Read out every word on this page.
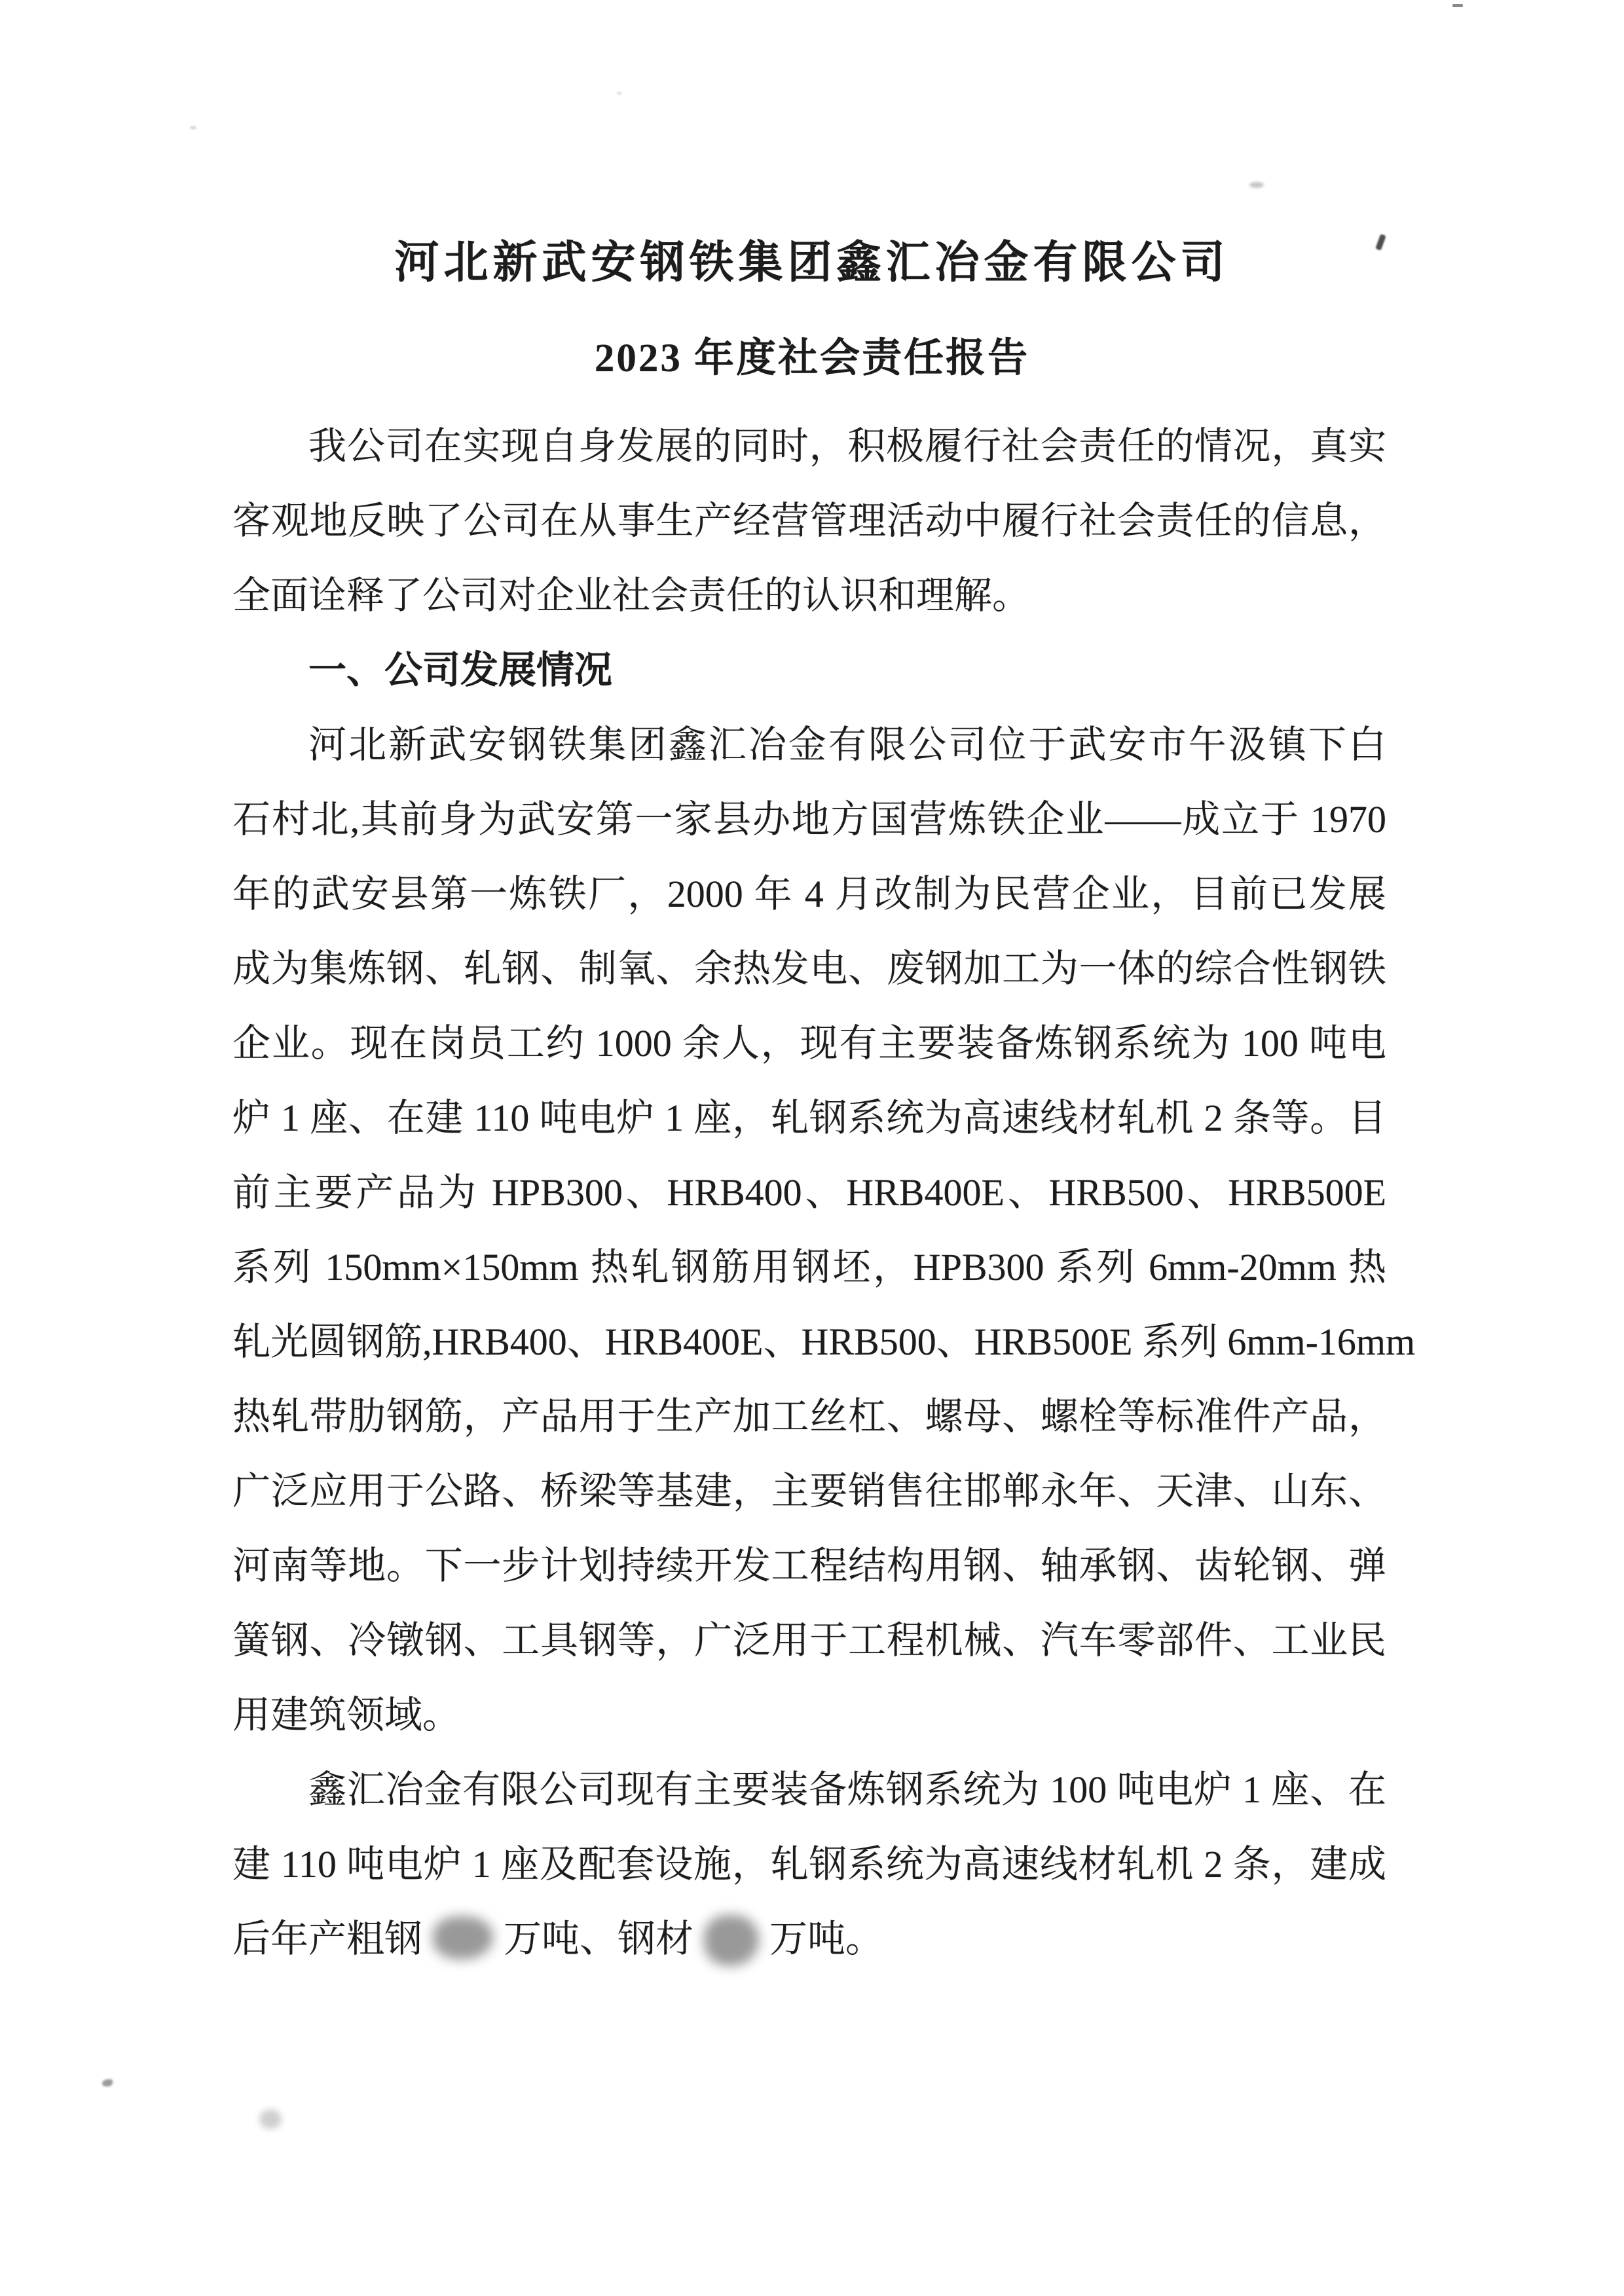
河北新武安钢铁集团鑫汇冶金有限公司
2023 年度社会责任报告
我公司在实现自身发展的同时，积极履行社会责任的情况，真实
客观地反映了公司在从事生产经营管理活动中履行社会责任的信息，
全面诠释了公司对企业社会责任的认识和理解。
一、公司发展情况
河北新武安钢铁集团鑫汇冶金有限公司位于武安市午汲镇下白
石村北,其前身为武安第一家县办地方国营炼铁企业——成立于 1970
年的武安县第一炼铁厂，2000 年 4 月改制为民营企业，目前已发展
成为集炼钢、轧钢、制氧、余热发电、废钢加工为一体的综合性钢铁
企业。现在岗员工约 1000 余人，现有主要装备炼钢系统为 100 吨电
炉 1 座、在建 110 吨电炉 1 座，轧钢系统为高速线材轧机 2 条等。目
前主要产品为 HPB300、HRB400、HRB400E、HRB500、HRB500E
系列 150mm×150mm 热轧钢筋用钢坯，HPB300 系列 6mm-20mm 热
轧光圆钢筋,HRB400、HRB400E、HRB500、HRB500E 系列 6mm-16mm
热轧带肋钢筋，产品用于生产加工丝杠、螺母、螺栓等标准件产品，
广泛应用于公路、桥梁等基建，主要销售往邯郸永年、天津、山东、
河南等地。下一步计划持续开发工程结构用钢、轴承钢、齿轮钢、弹
簧钢、冷镦钢、工具钢等，广泛用于工程机械、汽车零部件、工业民
用建筑领域。
鑫汇冶金有限公司现有主要装备炼钢系统为 100 吨电炉 1 座、在
建 110 吨电炉 1 座及配套设施，轧钢系统为高速线材轧机 2 条，建成
后年产粗钢 万吨、钢材 万吨。
